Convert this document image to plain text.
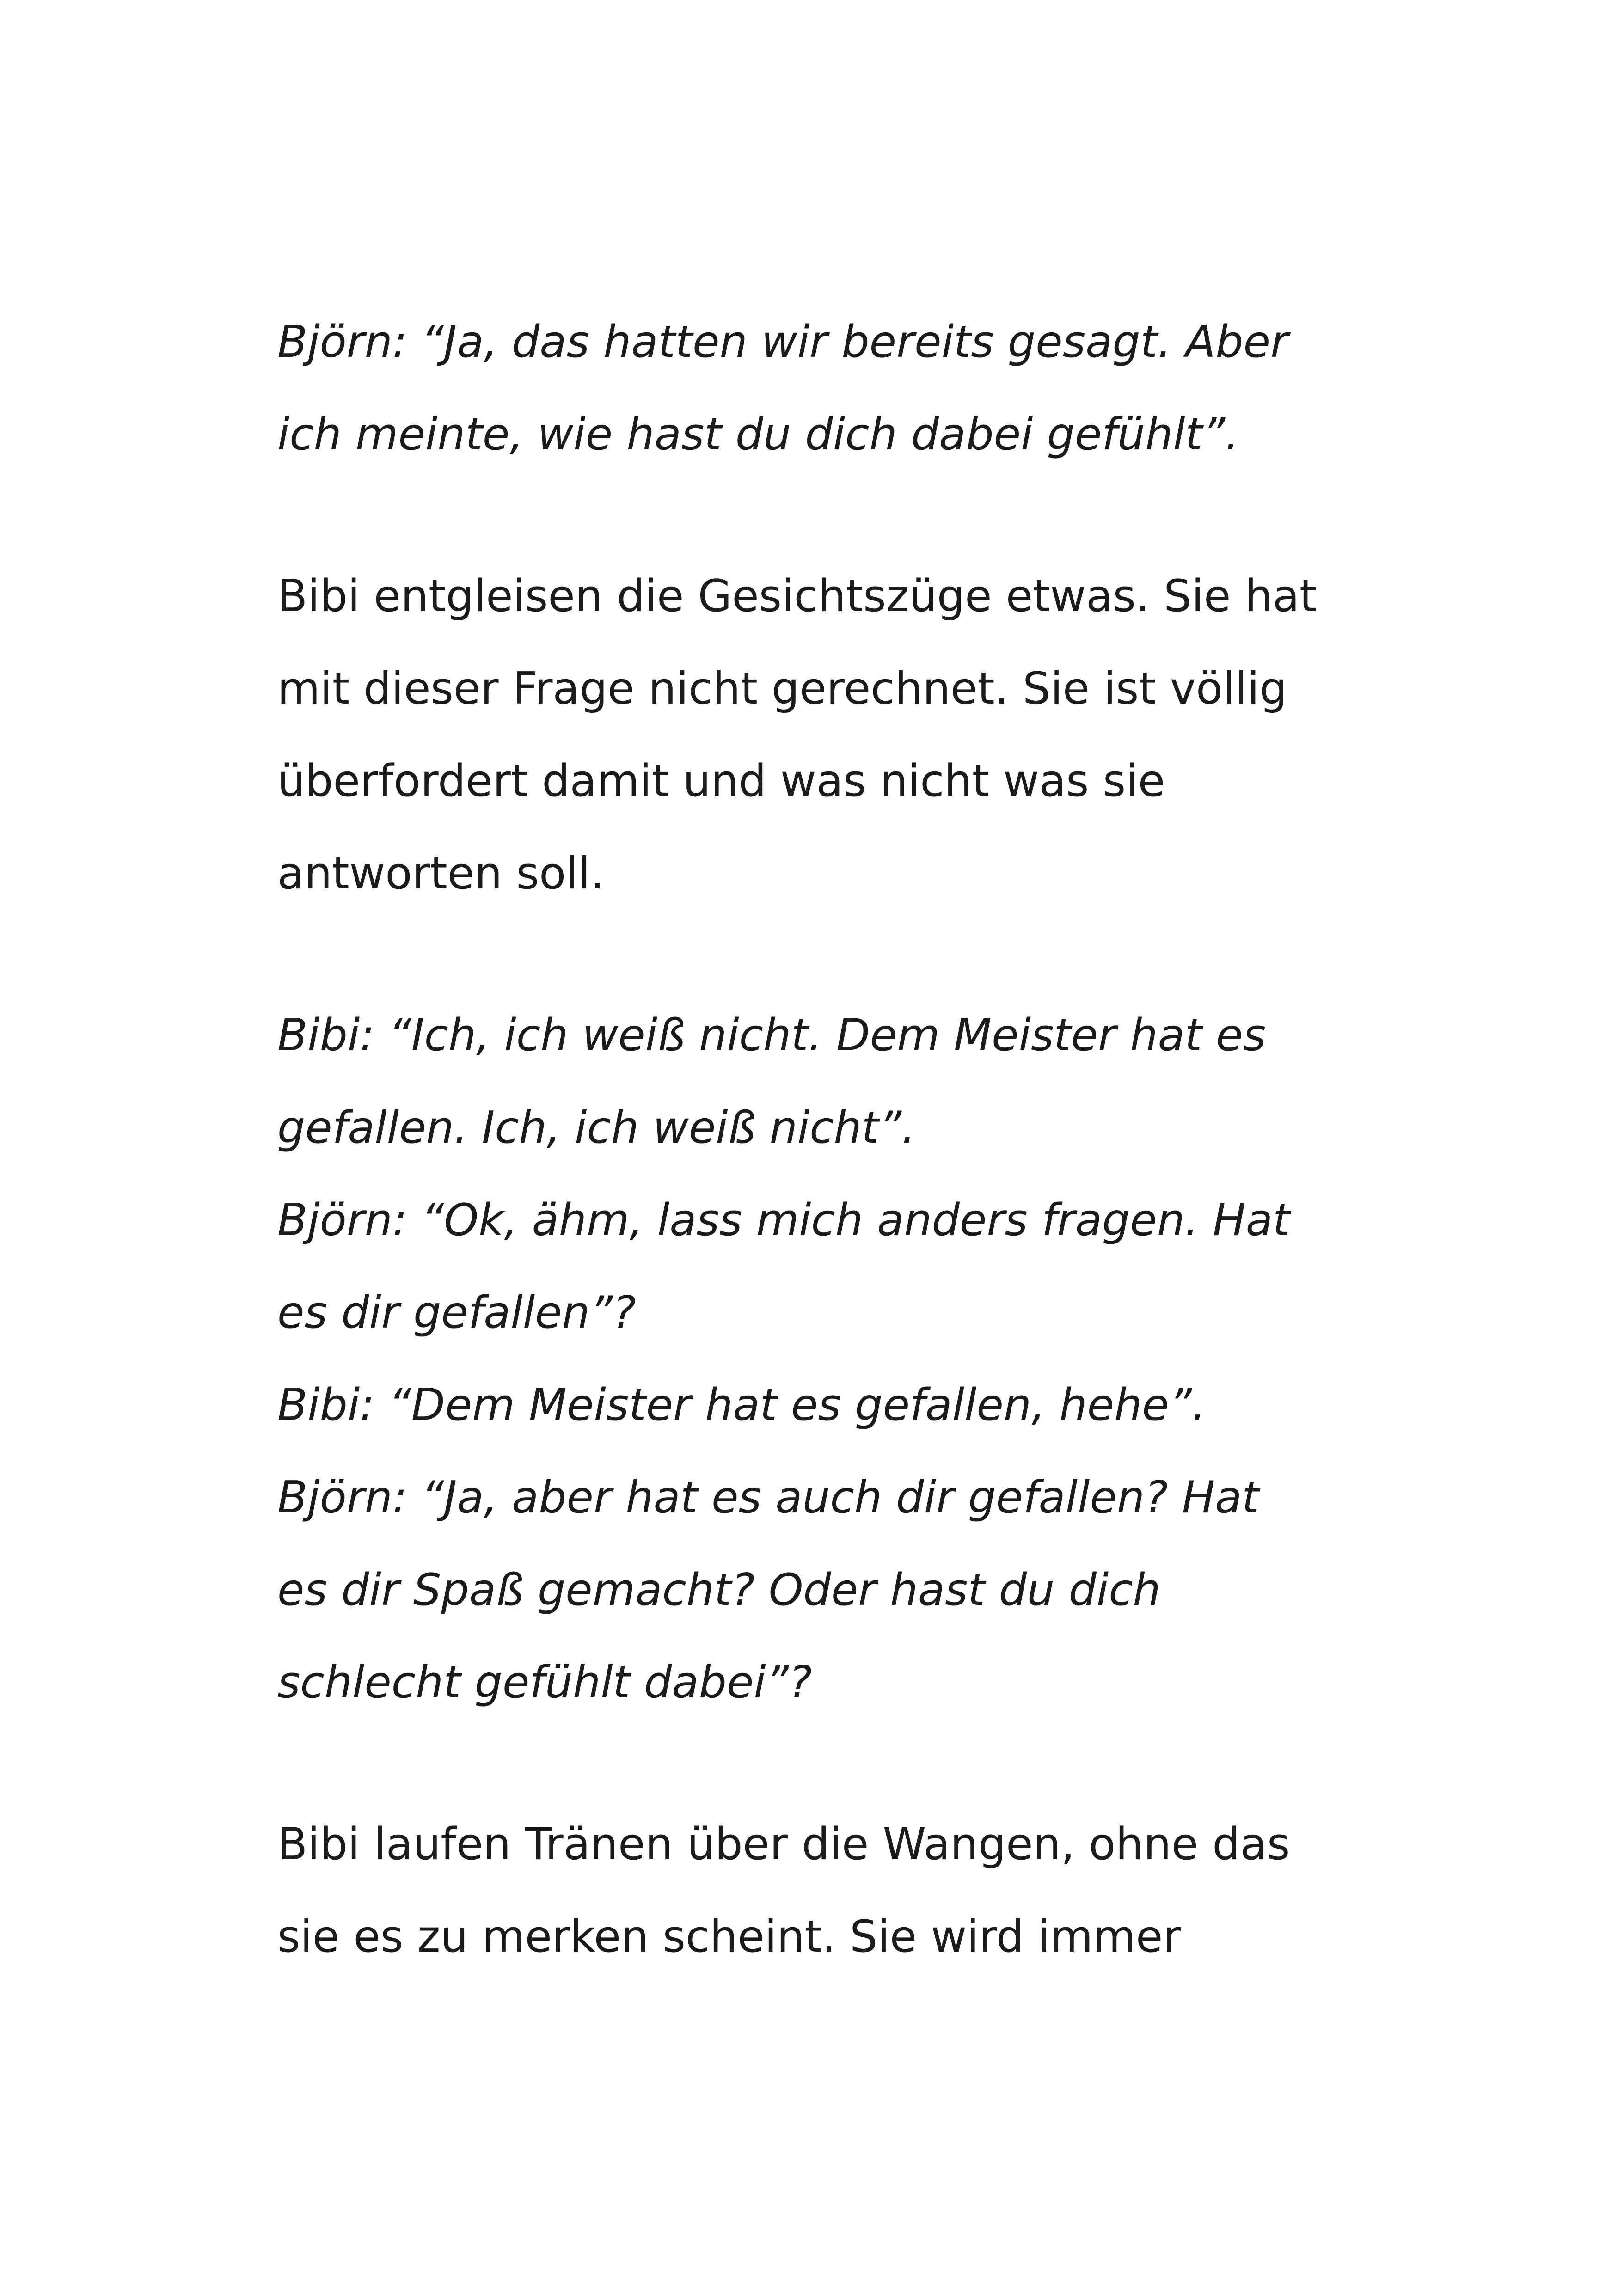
Björn: “Ja, das hatten wir bereits gesagt. Aber
ich meinte, wie hast du dich dabei gefühlt”.
Bibi entgleisen die Gesichtszüge etwas. Sie hat
mit dieser Frage nicht gerechnet. Sie ist völlig
überfordert damit und was nicht was sie
antworten soll.
Bibi: “Ich, ich weiß nicht. Dem Meister hat es
gefallen. Ich, ich weiß nicht”.
Björn: “Ok, ähm, lass mich anders fragen. Hat
es dir gefallen”?
Bibi: “Dem Meister hat es gefallen, hehe”.
Björn: “Ja, aber hat es auch dir gefallen? Hat
es dir Spaß gemacht? Oder hast du dich
schlecht gefühlt dabei”?
Bibi laufen Tränen über die Wangen, ohne das
sie es zu merken scheint. Sie wird immer
